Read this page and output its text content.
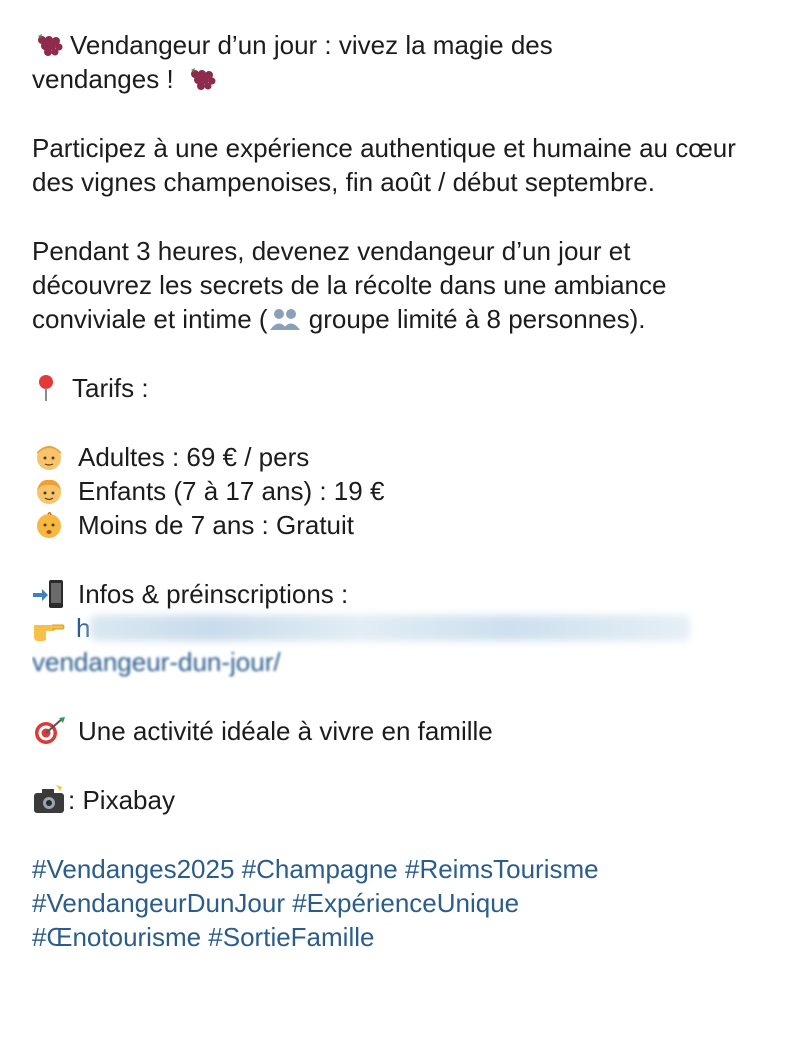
Vendangeur d’un jour : vivez la magie des
vendanges !

Participez à une expérience authentique et humaine au cœur des vignes champenoises, fin août / début septembre.

Pendant 3 heures, devenez vendangeur d’un jour et découvrez les secrets de la récolte dans une ambiance conviviale et intime (
groupe limité à 8 personnes).

Tarifs :
Adultes : 69 € / pers
Enfants (7 à 17 ans) : 19 €
Moins de 7 ans : Gratuit
Infos & préinscriptions :
h
vendangeur-dun-jour/
Une activité idéale à vivre en famille
: Pixabay
#Vendanges2025 #Champagne #ReimsTourisme
#VendangeurDunJour #ExpérienceUnique
#Œnotourisme #SortieFamille
